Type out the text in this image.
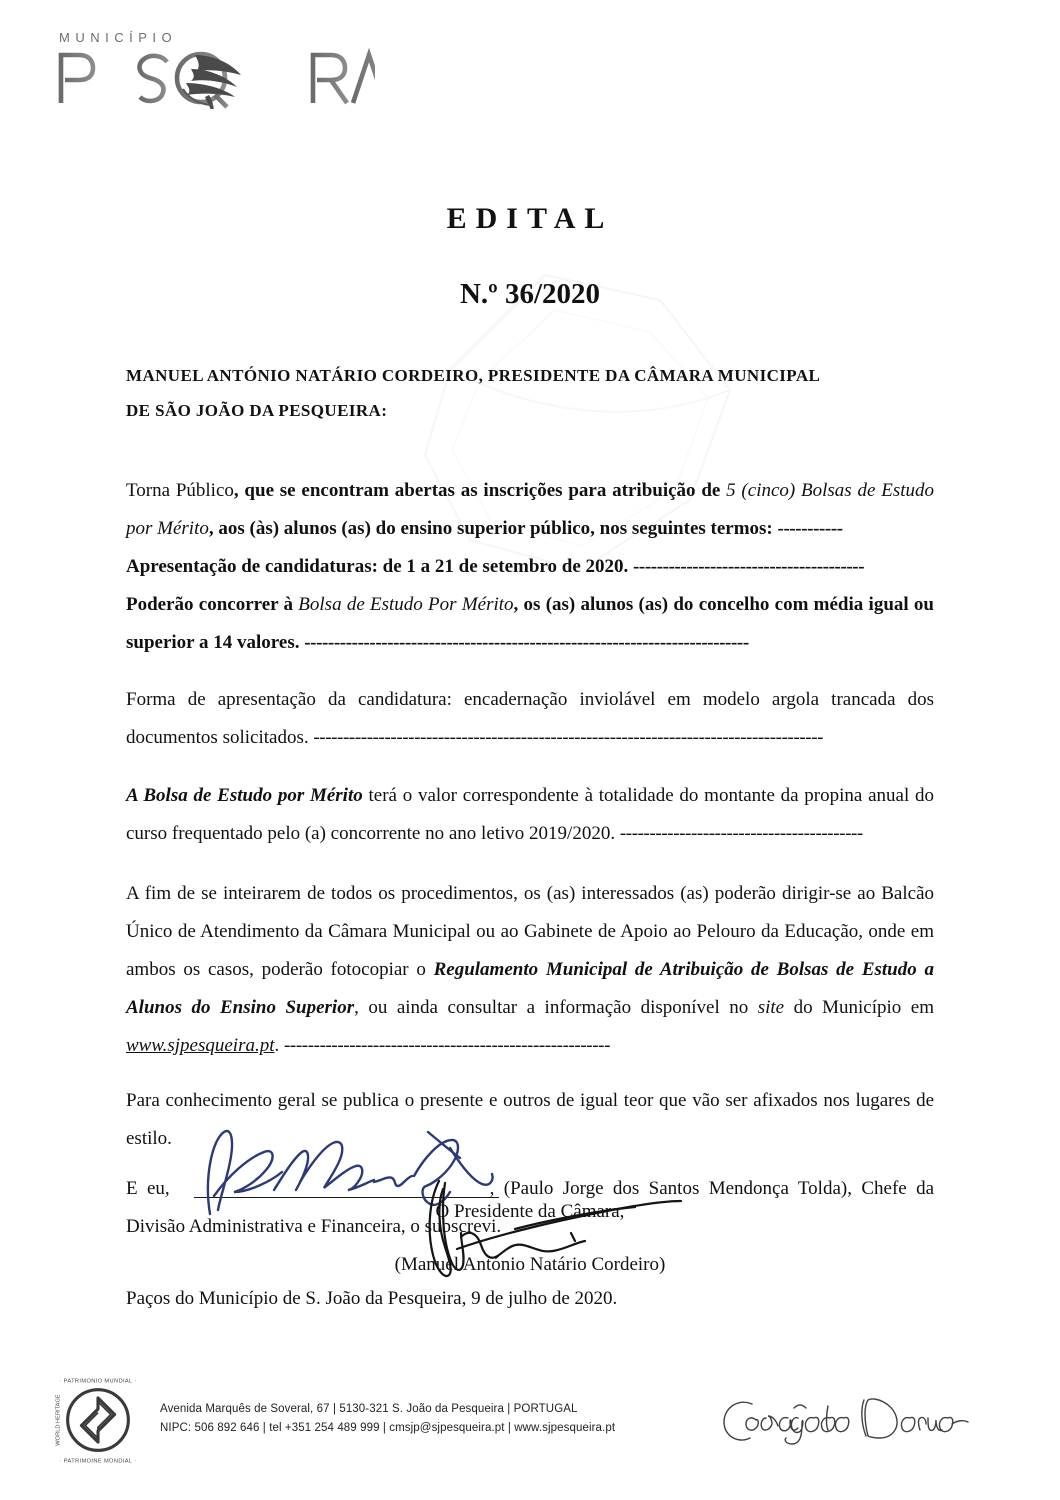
MUNICÍPIO
EDITAL
N.º 36/2020
MANUEL ANTÓNIO NATÁRIO CORDEIRO, PRESIDENTE DA CÂMARA MUNICIPAL
DE SÃO JOÃO DA PESQUEIRA:

Torna Público, que se encontram abertas as inscrições para atribuição de 5 (cinco) Bolsas de Estudo por Mérito, aos (às) alunos (as) do ensino superior público, nos seguintes termos: -----------

Apresentação de candidaturas: de 1 a 21 de setembro de 2020. ---------------------------------------

Poderão concorrer à Bolsa de Estudo Por Mérito, os (as) alunos (as) do concelho com média igual ou superior a 14 valores. ---------------------------------------------------------------------------

Forma de apresentação da candidatura: encadernação inviolável em modelo argola trancada dos documentos solicitados. --------------------------------------------------------------------------------------

A Bolsa de Estudo por Mérito terá o valor correspondente à totalidade do montante da propina anual do curso frequentado pelo (a) concorrente no ano letivo 2019/2020. -----------------------------------------

A fim de se inteirarem de todos os procedimentos, os (as) interessados (as) poderão dirigir-se ao Balcão Único de Atendimento da Câmara Municipal ou ao Gabinete de Apoio ao Pelouro da Educação, onde em ambos os casos, poderão fotocopiar o Regulamento Municipal de Atribuição de Bolsas de Estudo a Alunos do Ensino Superior, ou ainda consultar a informação disponível no site do Município em www.sjpesqueira.pt. -------------------------------------------------------

Para conhecimento geral se publica o presente e outros de igual teor que vão ser afixados nos lugares de estilo.

E eu,	, (Paulo Jorge dos Santos Mendonça Tolda), Chefe da Divisão Administrativa e Financeira, o subscrevi.

Paços do Município de S. João da Pesqueira, 9 de julho de 2020.

O Presidente da Câmara,
(Manuel António Natário Cordeiro)
· PATRIMONIO MUNDIAL ·
· PATRIMOINE MONDIAL ·
WORLD HERITAGE	Avenida Marquês de Soveral, 67 | 5130-321 S. João da Pesqueira | PORTUGAL
NIPC: 506 892 646 | tel +351 254 489 999 | cmsjp@sjpesqueira.pt | www.sjpesqueira.pt
